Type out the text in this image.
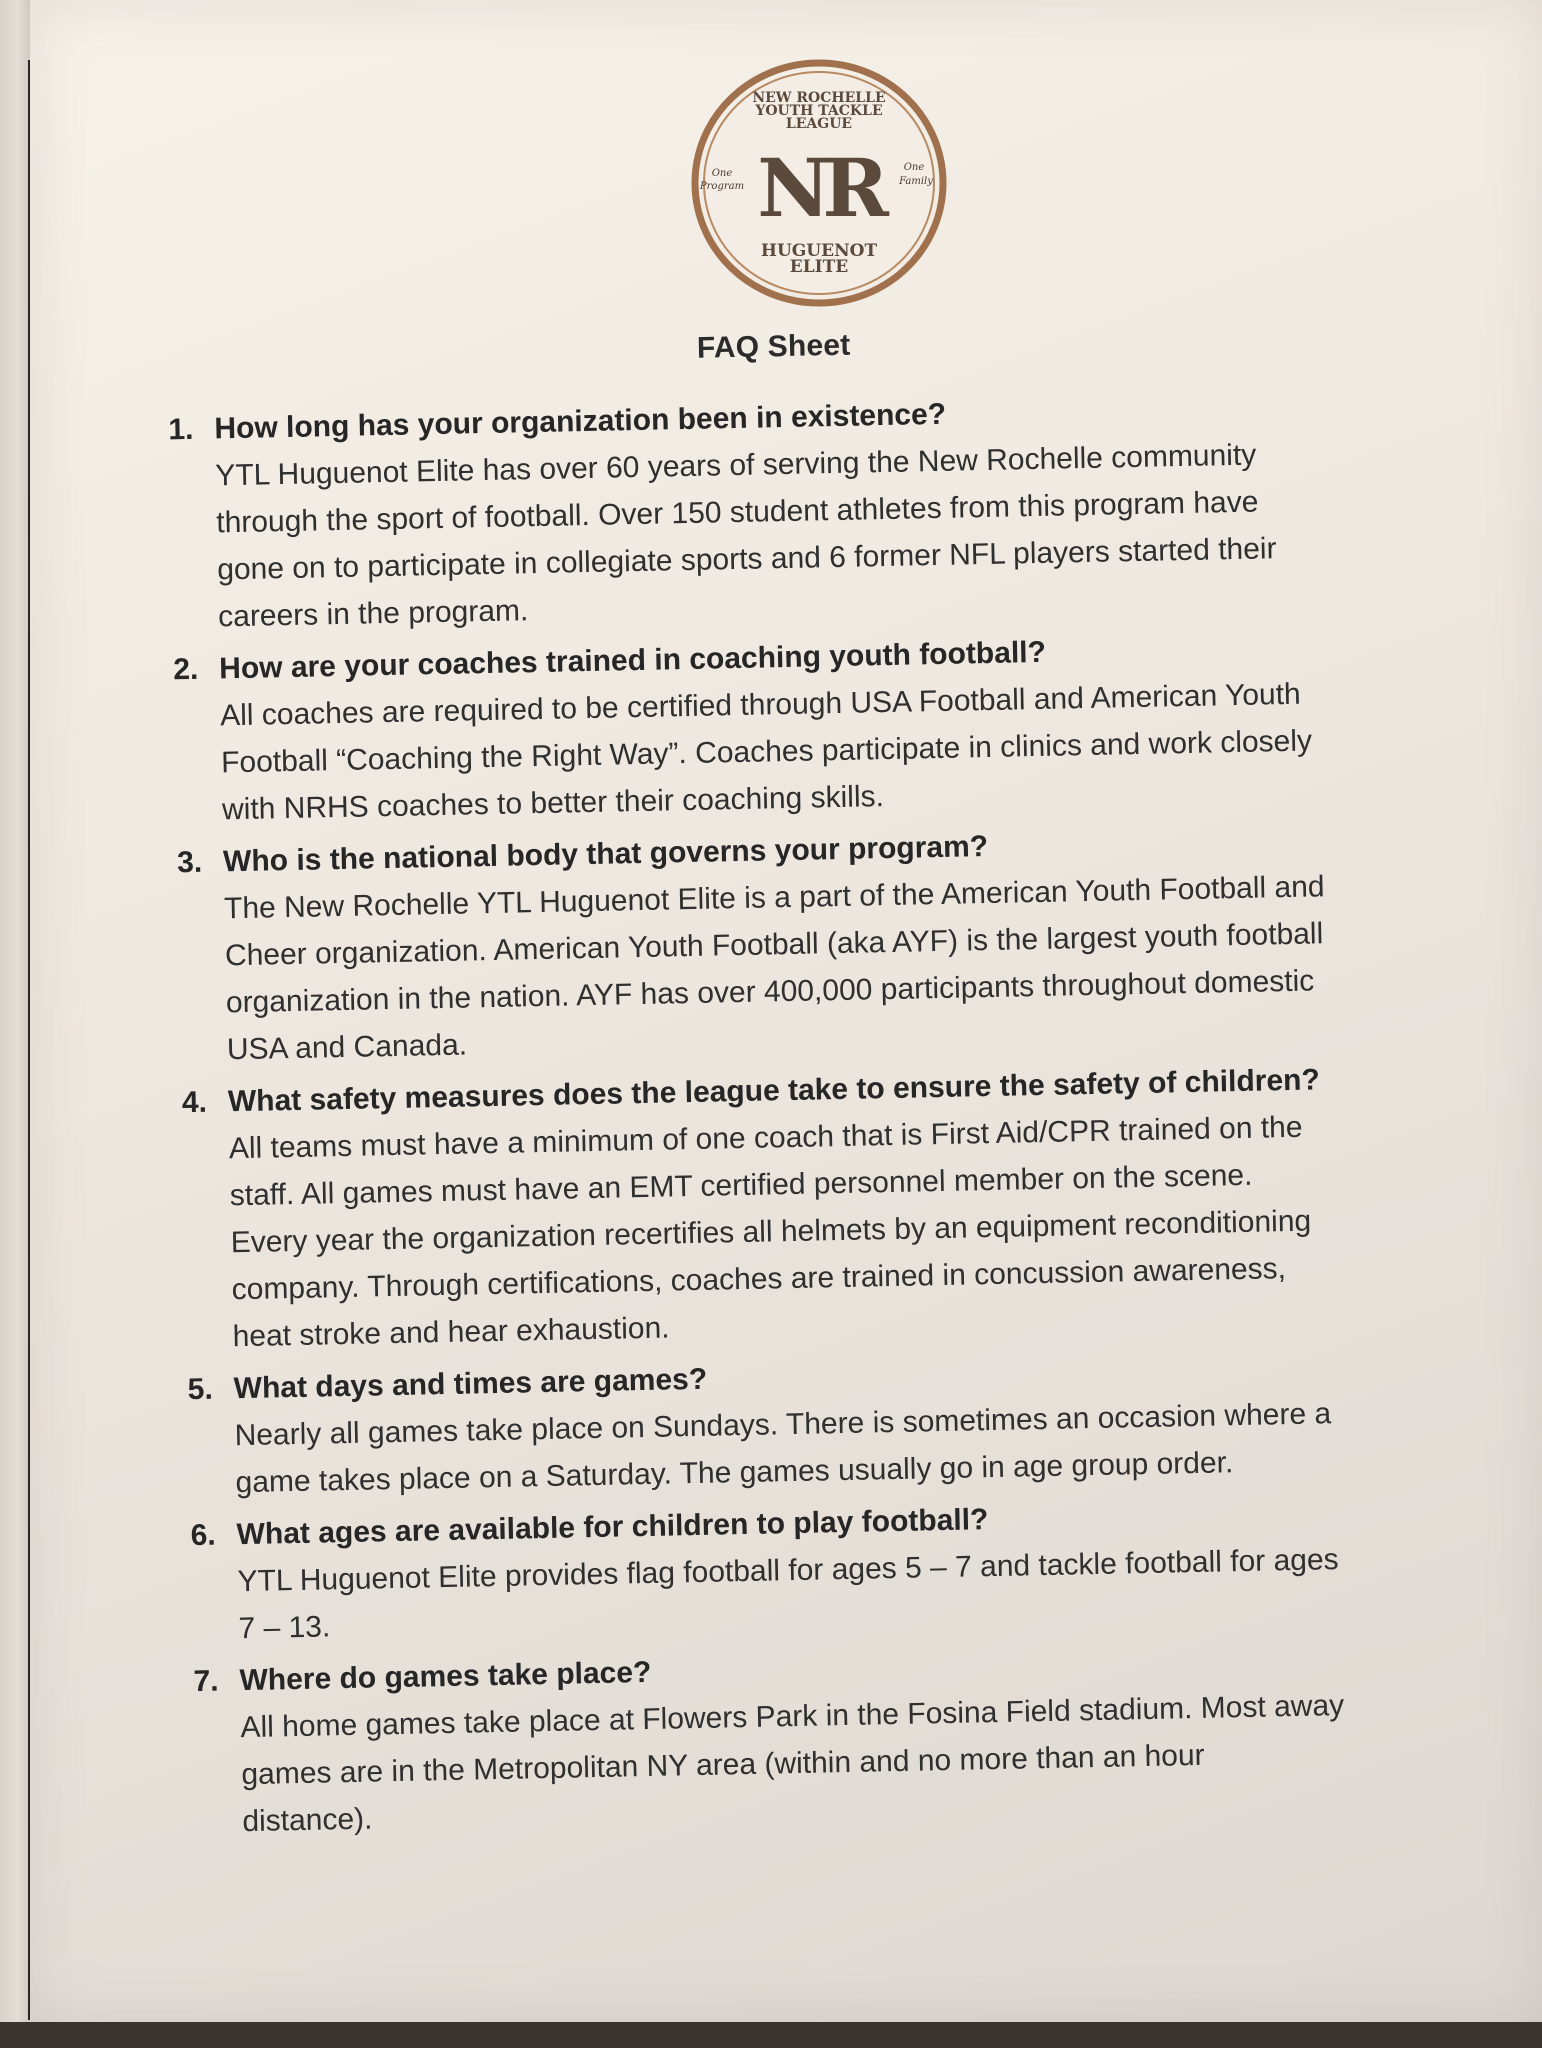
NEW ROCHELLE
YOUTH TACKLE
LEAGUE
One
Program
One
Family
NR
HUGUENOT
ELITE
FAQ Sheet
1. How long has your organization been in existence?
YTL Huguenot Elite has over 60 years of serving the New Rochelle community
through the sport of football. Over 150 student athletes from this program have
gone on to participate in collegiate sports and 6 former NFL players started their
careers in the program.
2. How are your coaches trained in coaching youth football?
All coaches are required to be certified through USA Football and American Youth
Football “Coaching the Right Way”. Coaches participate in clinics and work closely
with NRHS coaches to better their coaching skills.
3. Who is the national body that governs your program?
The New Rochelle YTL Huguenot Elite is a part of the American Youth Football and
Cheer organization. American Youth Football (aka AYF) is the largest youth football
organization in the nation. AYF has over 400,000 participants throughout domestic
USA and Canada.
4. What safety measures does the league take to ensure the safety of children?
All teams must have a minimum of one coach that is First Aid/CPR trained on the
staff. All games must have an EMT certified personnel member on the scene.
Every year the organization recertifies all helmets by an equipment reconditioning
company. Through certifications, coaches are trained in concussion awareness,
heat stroke and hear exhaustion.
5. What days and times are games?
Nearly all games take place on Sundays. There is sometimes an occasion where a
game takes place on a Saturday. The games usually go in age group order.
6. What ages are available for children to play football?
YTL Huguenot Elite provides flag football for ages 5 – 7 and tackle football for ages
7 – 13.
7. Where do games take place?
All home games take place at Flowers Park in the Fosina Field stadium. Most away
games are in the Metropolitan NY area (within and no more than an hour
distance).
